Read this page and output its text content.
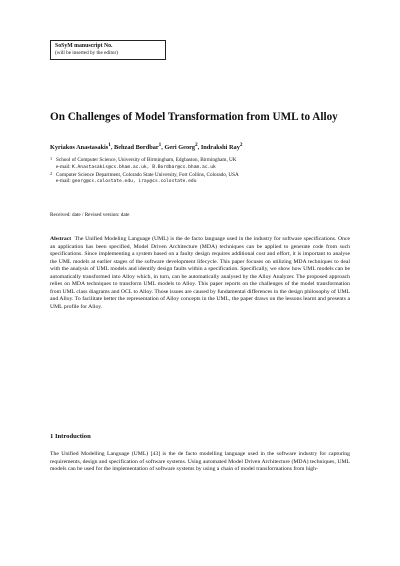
SoSyM manuscript No.
(will be inserted by the editor)
On Challenges of Model Transformation from UML to Alloy
Kyriakos Anastasakis$^1$, Behzad Bordbar$^1$, Geri Georg$^2$, Indrakshi Ray$^2$
1 School of Computer Science, University of Birmingham, Edgbaston, Birmingham, UK
e-mail: K.Anastasakis@cs.bham.ac.uk, B.Bordbar@cs.bham.ac.uk
2 Computer Science Department, Colorado State University, Fort Collins, Colorado, USA
e-mail: georg@cs.colostate.edu, iray@cs.colostate.edu
Received: date / Revised version: date
Abstract The Unified Modeling Language (UML) is the de facto language used in the industry for software specifications. Once an application has been specified, Model Driven Architecture (MDA) techniques can be applied to generate code from such specifications. Since implementing a system based on a faulty design requires additional cost and effort, it is important to analyse the UML models at earlier stages of the software development lifecycle. This paper focuses on utilizing MDA techniques to deal with the analysis of UML models and identify design faults within a specification. Specifically, we show how UML models can be automatically transformed into Alloy which, in turn, can be automatically analysed by the Alloy Analyzer. The proposed approach relies on MDA techniques to transform UML models to Alloy. This paper reports on the challenges of the model transformation from UML class diagrams and OCL to Alloy. Those issues are caused by fundamental differences in the design philosophy of UML and Alloy. To facilitate better the representation of Alloy concepts in the UML, the paper draws on the lessons learnt and presents a UML profile for Alloy.
1 Introduction
The Unified Modelling Language (UML) [43] is the de facto modelling language used in the software industry for capturing requirements, design and specification of software systems. Using automated Model Driven Architecture (MDA) techniques, UML models can be used for the implementation of software systems by using a chain of model transformations from high-
